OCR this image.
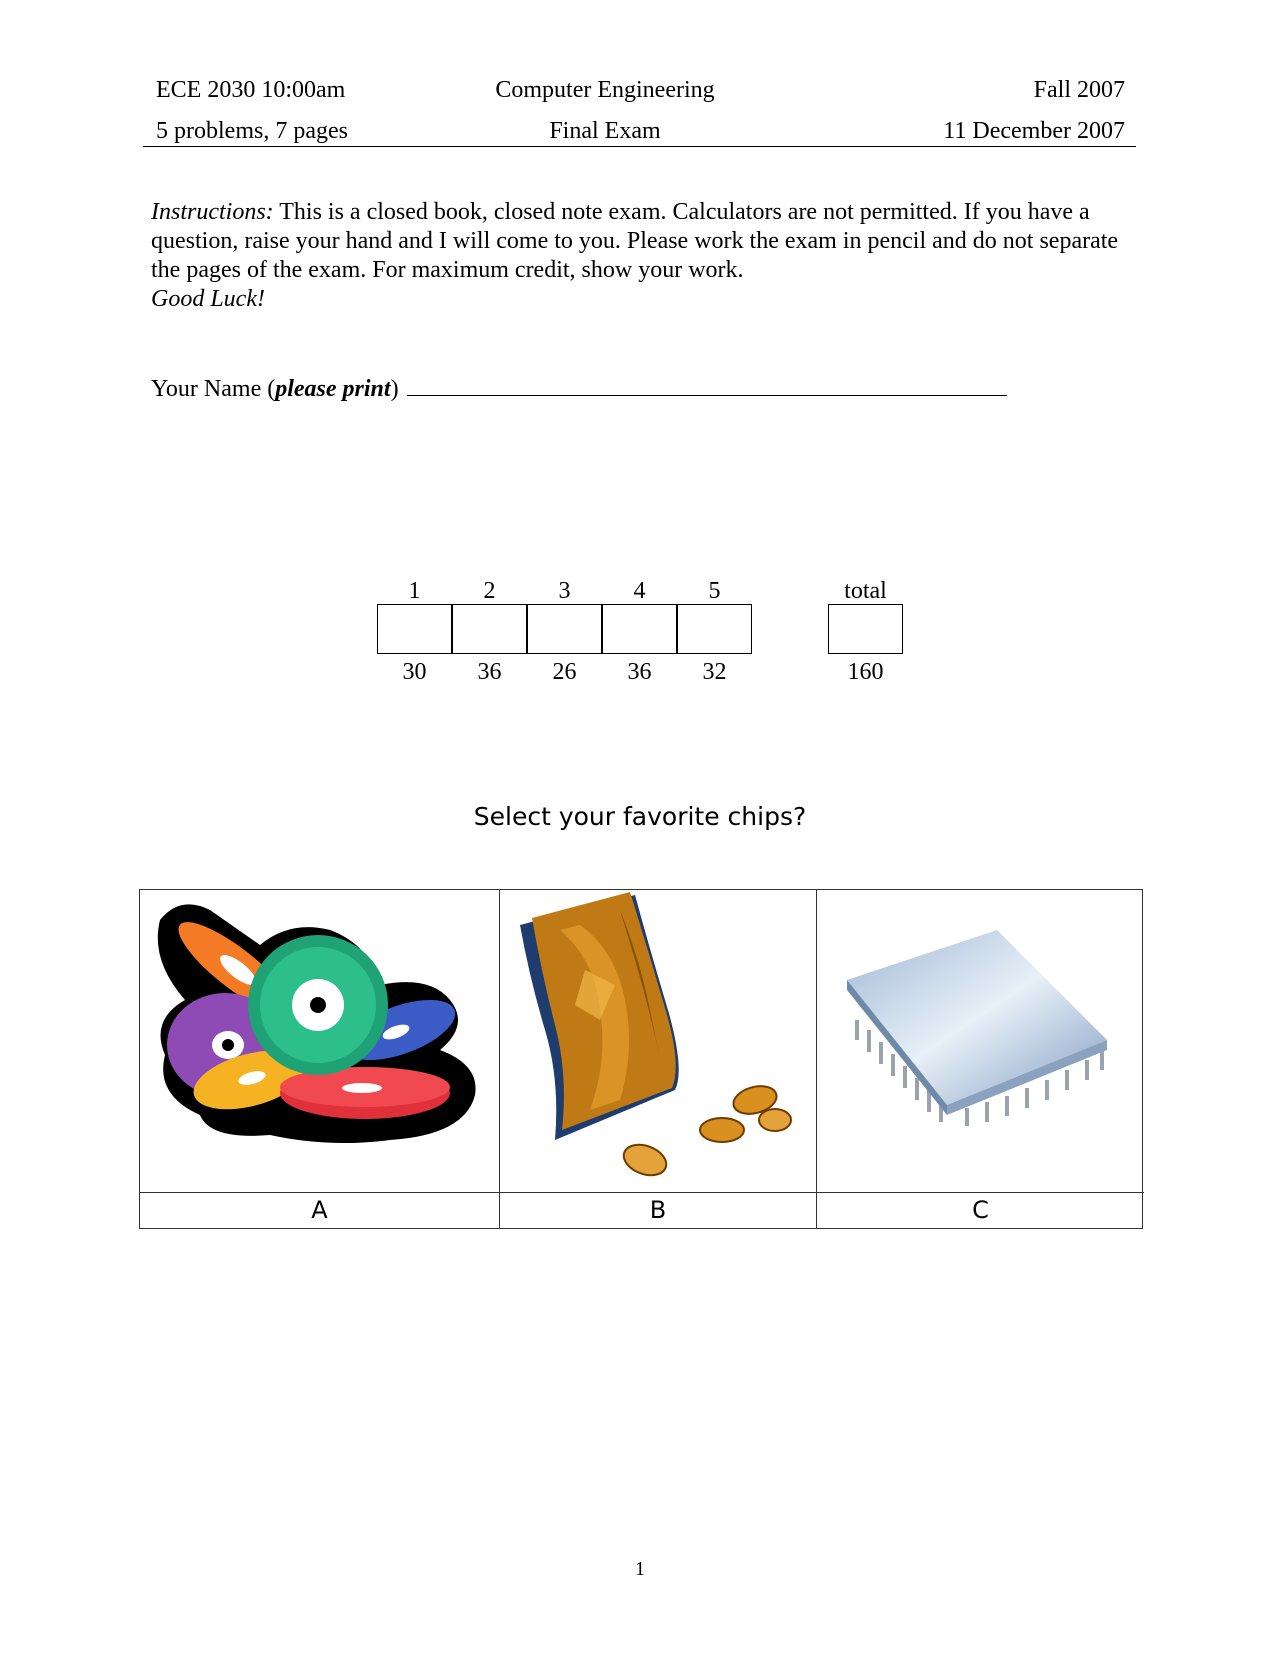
ECE 2030 10:00am	Computer Engineering	Fall 2007
5 problems, 7 pages	Final Exam	11 December 2007
Instructions: This is a closed book, closed note exam. Calculators are not permitted. If you have a question, raise your hand and I will come to you. Please work the exam in pencil and do not separate the pages of the exam. For maximum credit, show your work.
Good Luck!
Your Name (please print)
1	2	3	4	5	total
30	36	26	36	32	160
Select your favorite chips?
A	B	C
1
